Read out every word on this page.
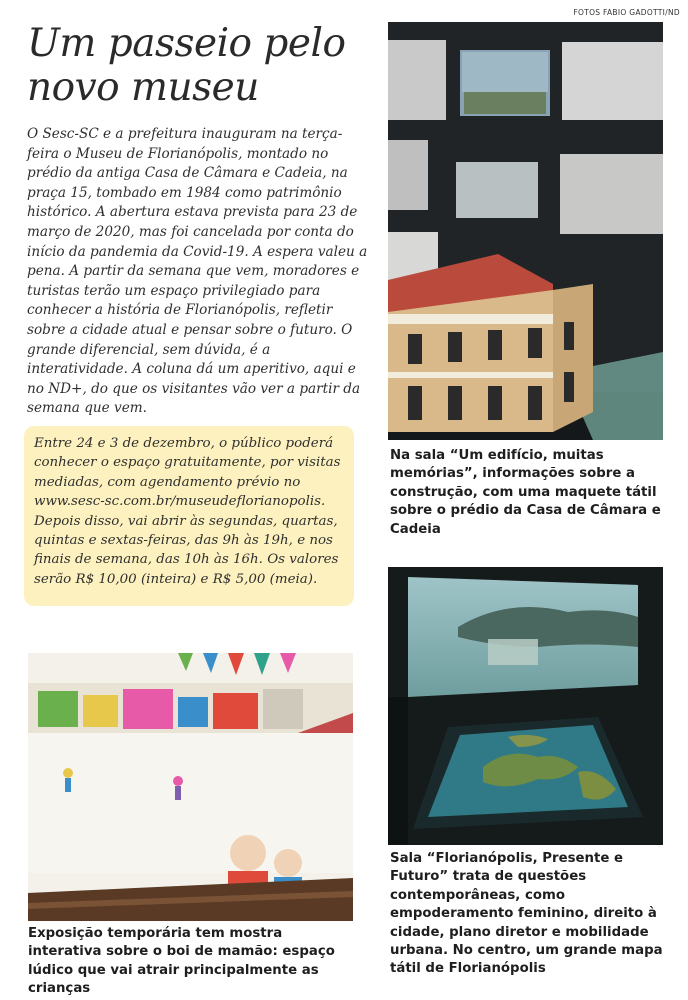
FOTOS FABIO GADOTTI/ND
Um passeio pelo novo museu
O Sesc-SC e a prefeitura inauguram na terça-feira o Museu de Florianópolis, montado no prédio da antiga Casa de Câmara e Cadeia, na praça 15, tombado em 1984 como patrimônio histórico. A abertura estava prevista para 23 de março de 2020, mas foi cancelada por conta do início da pandemia da Covid-19. A espera valeu a pena. A partir da semana que vem, moradores e turistas terão um espaço privilegiado para conhecer a história de Florianópolis, refletir sobre a cidade atual e pensar sobre o futuro. O grande diferencial, sem dúvida, é a interatividade. A coluna dá um aperitivo, aqui e no ND+, do que os visitantes vão ver a partir da semana que vem.
Entre 24 e 3 de dezembro, o público poderá conhecer o espaço gratuitamente, por visitas mediadas, com agendamento prévio no www.sesc-sc.com.br/museudeflorianopolis. Depois disso, vai abrir às segundas, quartas, quintas e sextas-feiras, das 9h às 19h, e nos finais de semana, das 10h às 16h. Os valores serão R$ 10,00 (inteira) e R$ 5,00 (meia).
Na sala “Um edifício, muitas memórias”, informações sobre a construção, com uma maquete tátil sobre o prédio da Casa de Câmara e Cadeia
Sala “Florianópolis, Presente e Futuro” trata de questões contemporâneas, como empoderamento feminino, direito à cidade, plano diretor e mobilidade urbana. No centro, um grande mapa tátil de Florianópolis
Exposição temporária tem mostra interativa sobre o boi de mamão: espaço lúdico que vai atrair principalmente as crianças
